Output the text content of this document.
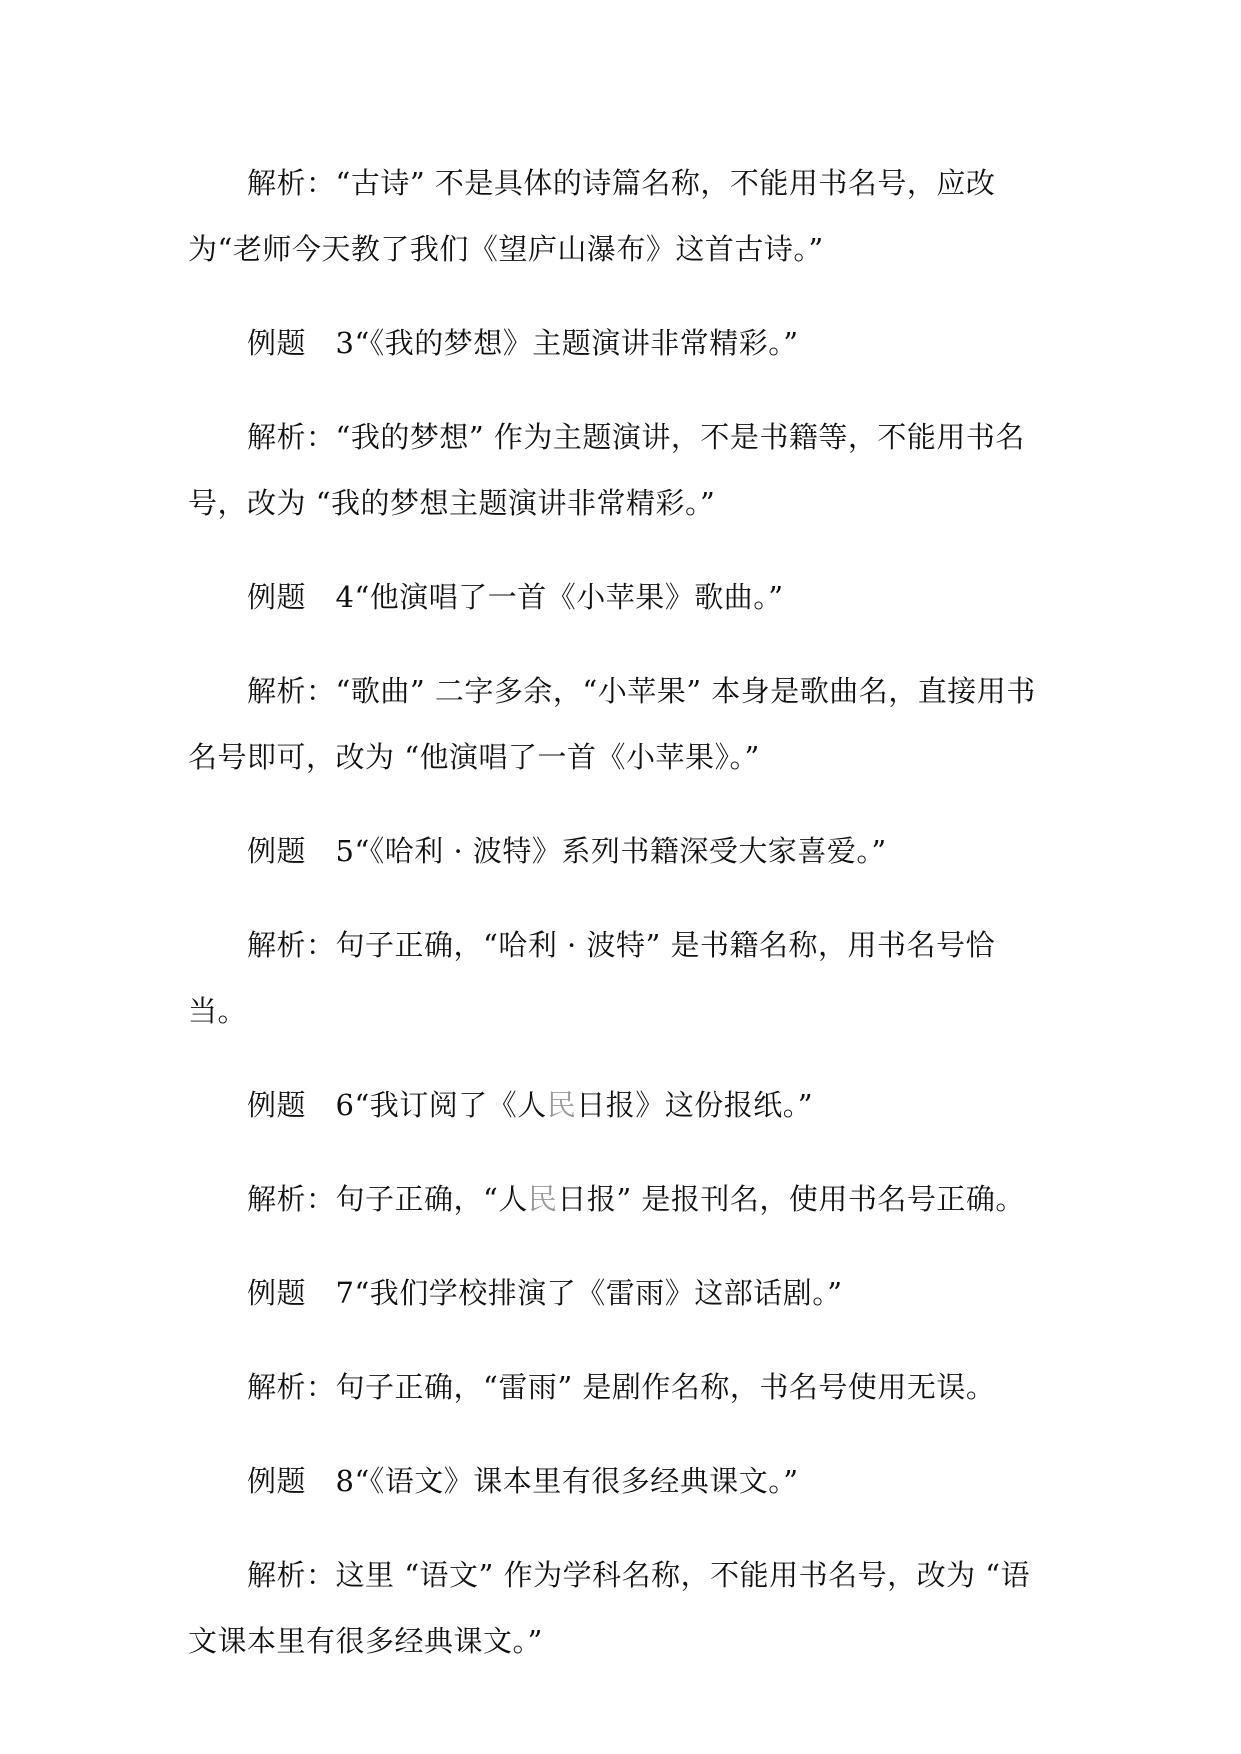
解析：“古诗” 不是具体的诗篇名称，不能用书名号，应改为“老师今天教了我们《望庐山瀑布》这首古诗。”

例题　3“《我的梦想》主题演讲非常精彩。”

解析：“我的梦想” 作为主题演讲，不是书籍等，不能用书名号，改为 “我的梦想主题演讲非常精彩。”

例题　4“他演唱了一首《小苹果》歌曲。”

解析：“歌曲” 二字多余，“小苹果” 本身是歌曲名，直接用书名号即可，改为 “他演唱了一首《小苹果》。”

例题　5“《哈利 · 波特》系列书籍深受大家喜爱。”

解析：句子正确，“哈利 · 波特” 是书籍名称，用书名号恰当。

例题　6“我订阅了《人民日报》这份报纸。”

解析：句子正确，“人民日报” 是报刊名，使用书名号正确。

例题　7“我们学校排演了《雷雨》这部话剧。”

解析：句子正确，“雷雨” 是剧作名称，书名号使用无误。

例题　8“《语文》课本里有很多经典课文。”

解析：这里 “语文” 作为学科名称，不能用书名号，改为 “语文课本里有很多经典课文。”
